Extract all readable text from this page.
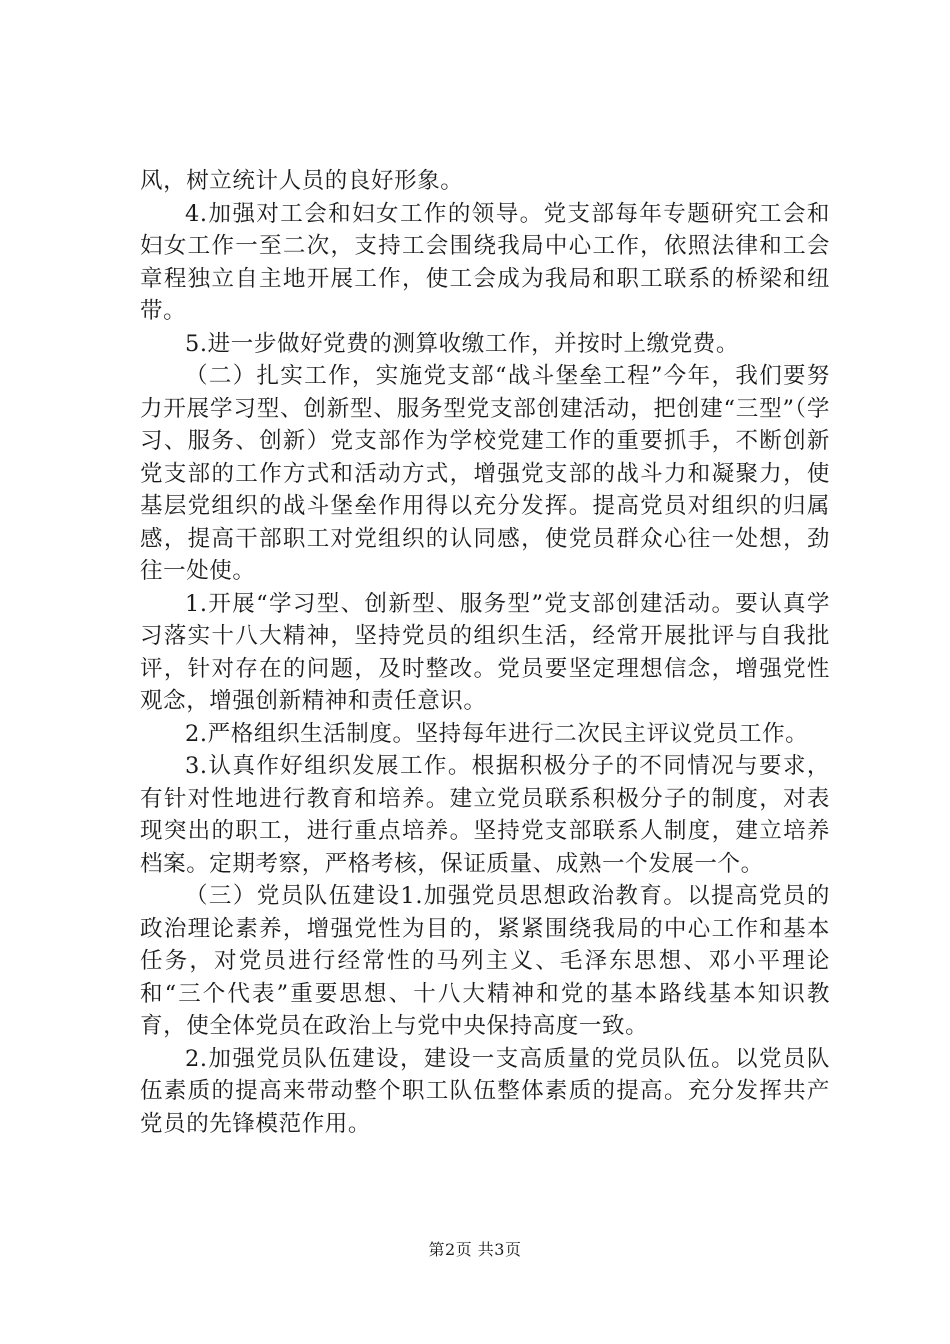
风，树立统计人员的良好形象。

4.加强对工会和妇女工作的领导。党支部每年专题研究工会和妇女工作一至二次，支持工会围绕我局中心工作，依照法律和工会章程独立自主地开展工作，使工会成为我局和职工联系的桥梁和纽带。

5.进一步做好党费的测算收缴工作，并按时上缴党费。

（二）扎实工作，实施党支部“战斗堡垒工程”今年，我们要努力开展学习型、创新型、服务型党支部创建活动，把创建“三型”（学习、服务、创新）党支部作为学校党建工作的重要抓手，不断创新党支部的工作方式和活动方式，增强党支部的战斗力和凝聚力，使基层党组织的战斗堡垒作用得以充分发挥。提高党员对组织的归属感，提高干部职工对党组织的认同感，使党员群众心往一处想，劲往一处使。

1.开展“学习型、创新型、服务型”党支部创建活动。要认真学习落实十八大精神，坚持党员的组织生活，经常开展批评与自我批评，针对存在的问题，及时整改。党员要坚定理想信念，增强党性观念，增强创新精神和责任意识。

2.严格组织生活制度。坚持每年进行二次民主评议党员工作。

3.认真作好组织发展工作。根据积极分子的不同情况与要求，有针对性地进行教育和培养。建立党员联系积极分子的制度，对表现突出的职工，进行重点培养。坚持党支部联系人制度，建立培养档案。定期考察，严格考核，保证质量、成熟一个发展一个。

（三）党员队伍建设1.加强党员思想政治教育。以提高党员的政治理论素养，增强党性为目的，紧紧围绕我局的中心工作和基本任务，对党员进行经常性的马列主义、毛泽东思想、邓小平理论和“三个代表”重要思想、十八大精神和党的基本路线基本知识教育，使全体党员在政治上与党中央保持高度一致。

2.加强党员队伍建设，建设一支高质量的党员队伍。以党员队伍素质的提高来带动整个职工队伍整体素质的提高。充分发挥共产党员的先锋模范作用。

第2页 共3页
